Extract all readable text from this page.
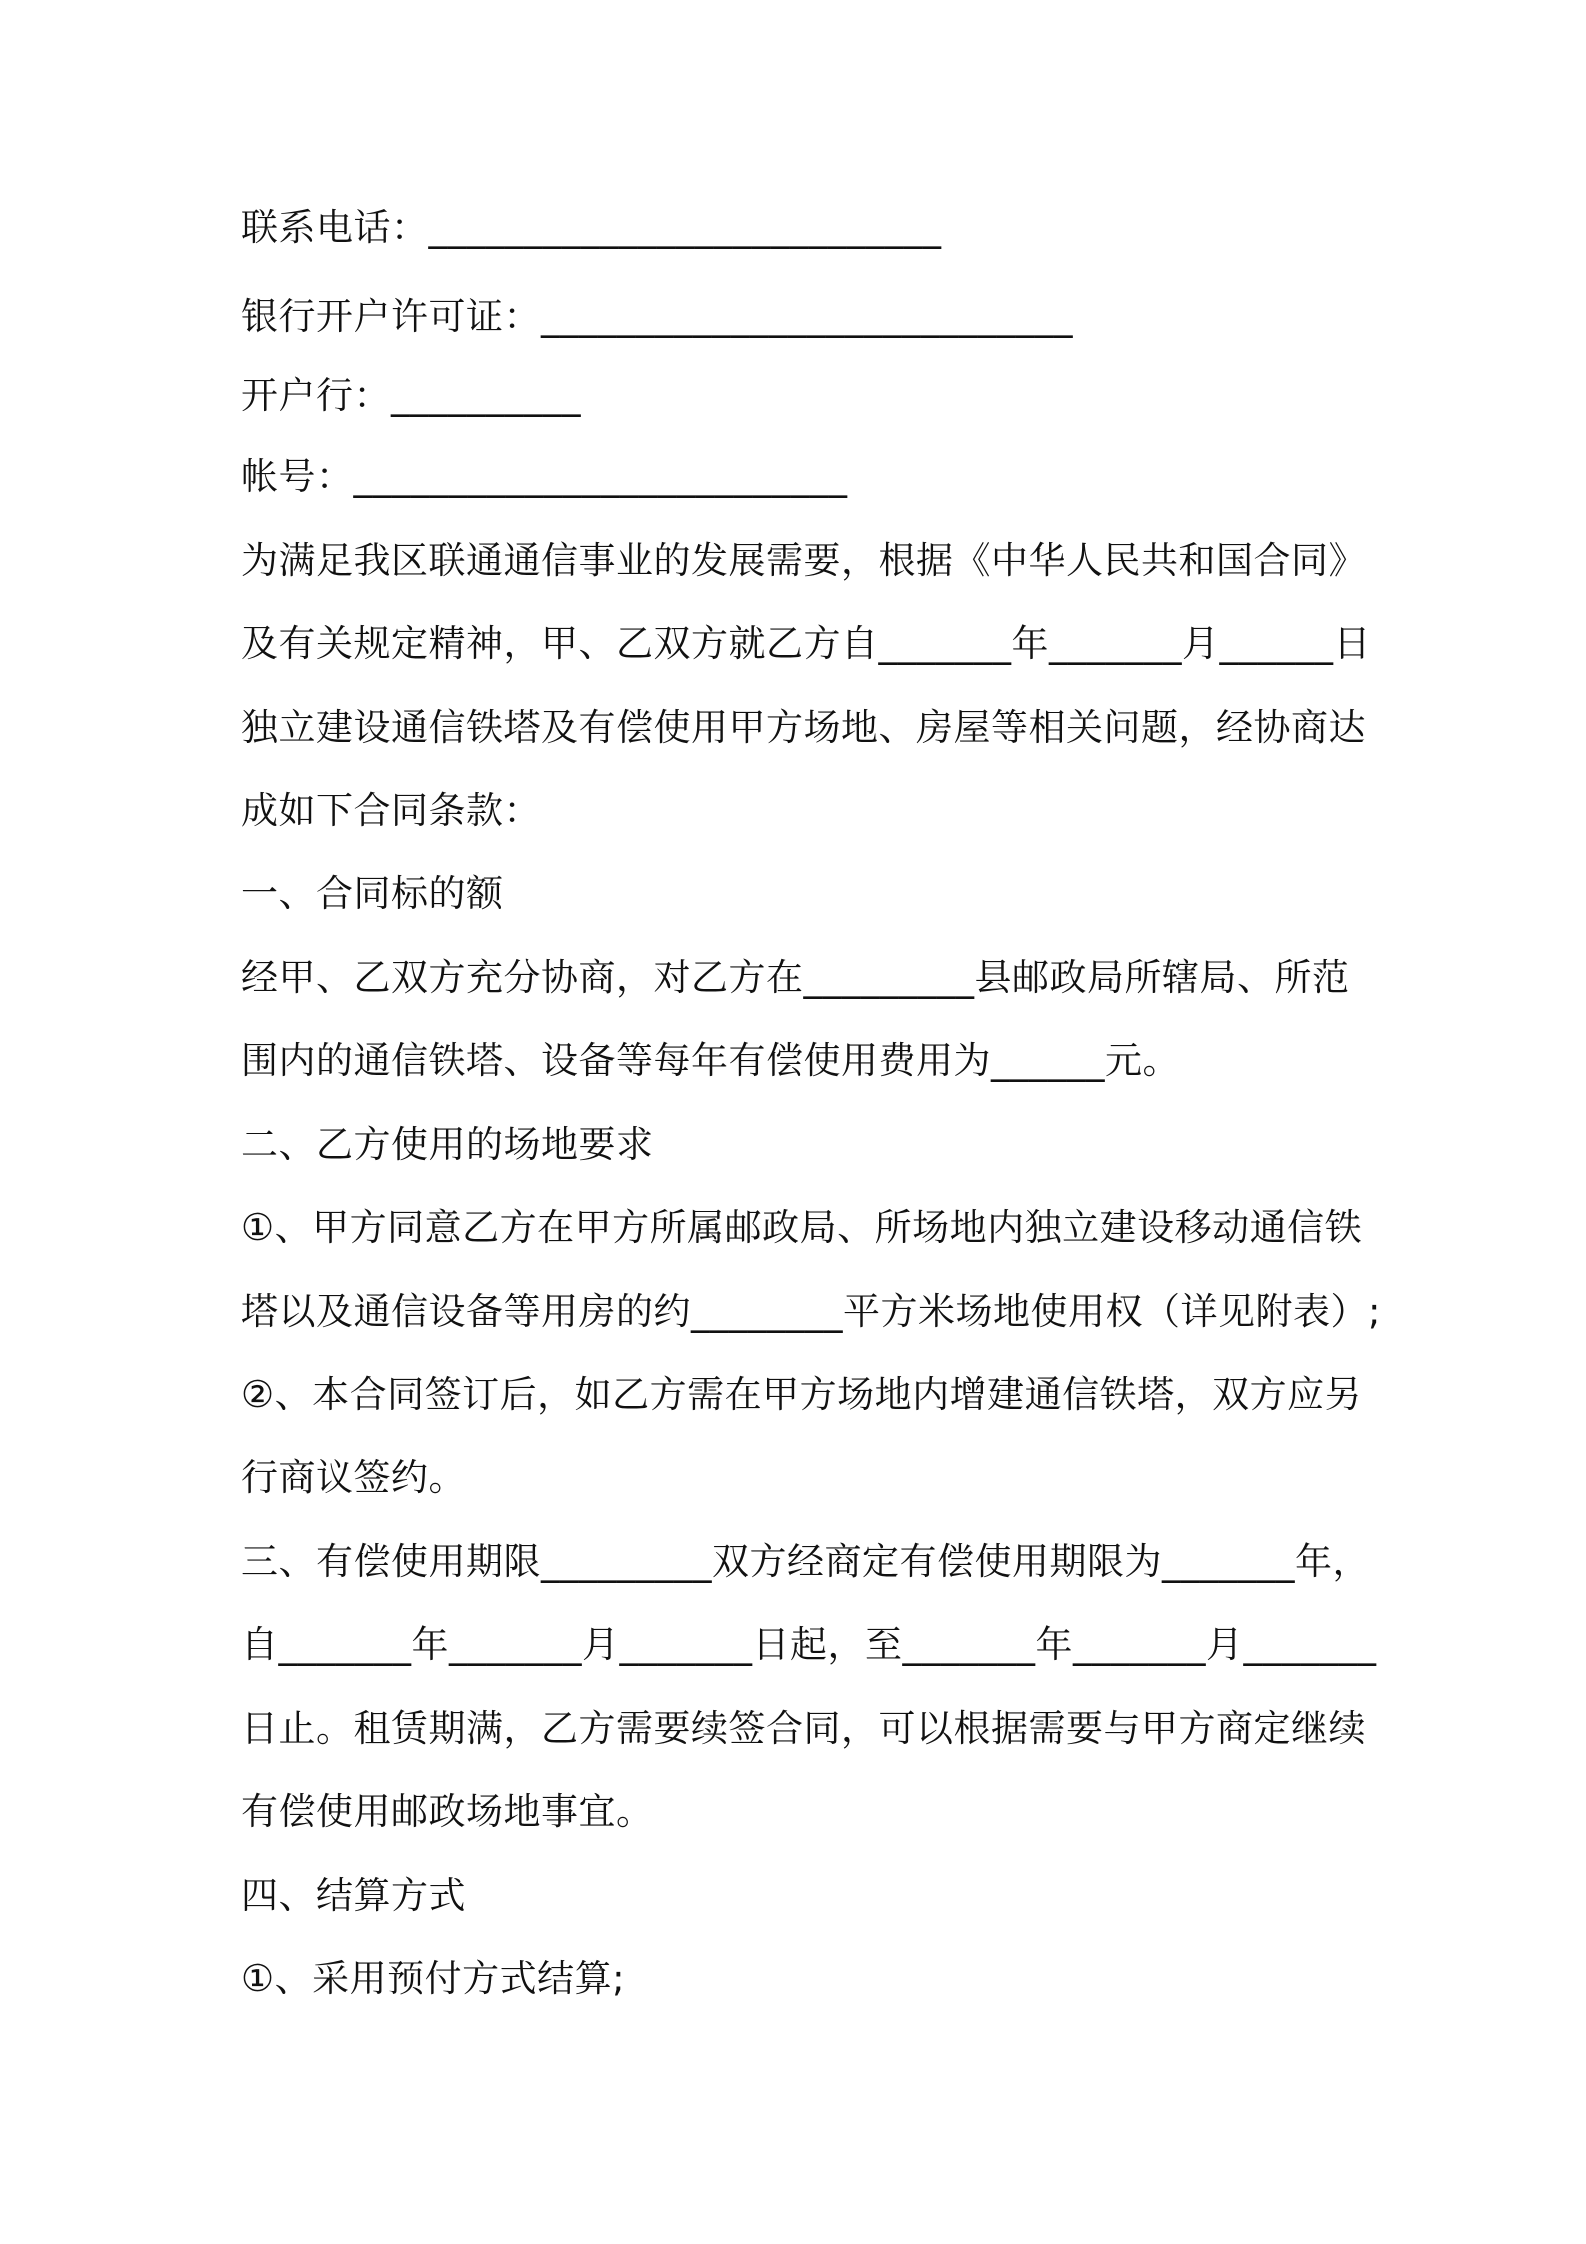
联系电话：___________________________
银行开户许可证：____________________________
开户行：__________
帐号：__________________________
为满足我区联通通信事业的发展需要，根据《中华人民共和国合同》
及有关规定精神，甲、乙双方就乙方自_______年_______月______日
独立建设通信铁塔及有偿使用甲方场地、房屋等相关问题，经协商达
成如下合同条款：
一、合同标的额
经甲、乙双方充分协商，对乙方在_________县邮政局所辖局、所范
围内的通信铁塔、设备等每年有偿使用费用为______元。
二、乙方使用的场地要求
①、甲方同意乙方在甲方所属邮政局、所场地内独立建设移动通信铁
塔以及通信设备等用房的约________平方米场地使用权（详见附表）;
②、本合同签订后，如乙方需在甲方场地内增建通信铁塔，双方应另
行商议签约。
三、有偿使用期限_________双方经商定有偿使用期限为_______年，
自_______年_______月_______日起，至_______年_______月_______
日止。租赁期满，乙方需要续签合同，可以根据需要与甲方商定继续
有偿使用邮政场地事宜。
四、结算方式
①、采用预付方式结算;
